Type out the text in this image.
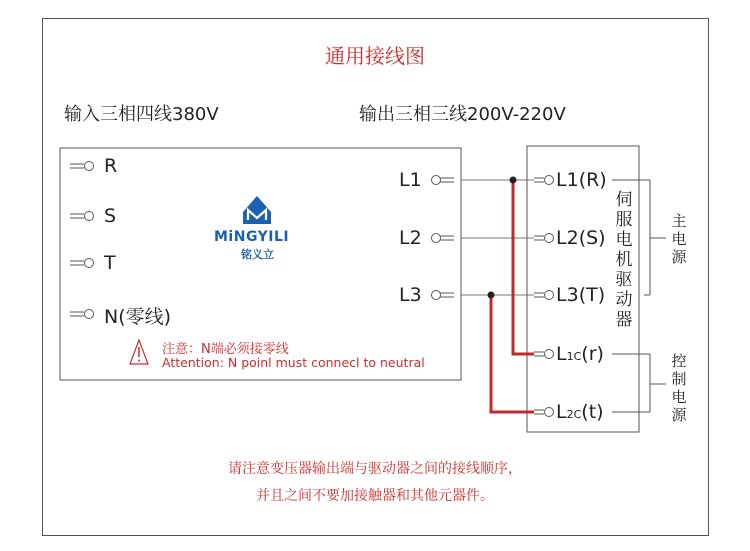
通用接线图
输入三相四线380V	输出三相三线200V-220V
R
S
T
N(零线)
L1
L2
L3
L1(R)
L2(S)
L3(T)
L1C(r)
L2C(t)
伺
服
电
机
驱
动
器
主
电
源
控
制
电
源
MiNGYILI
铭义立
注意：N端必须接零线
Attention: N poinl must connecl to neutral
请注意变压器输出端与驱动器之间的接线顺序，
并且之间不要加接触器和其他元器件。
